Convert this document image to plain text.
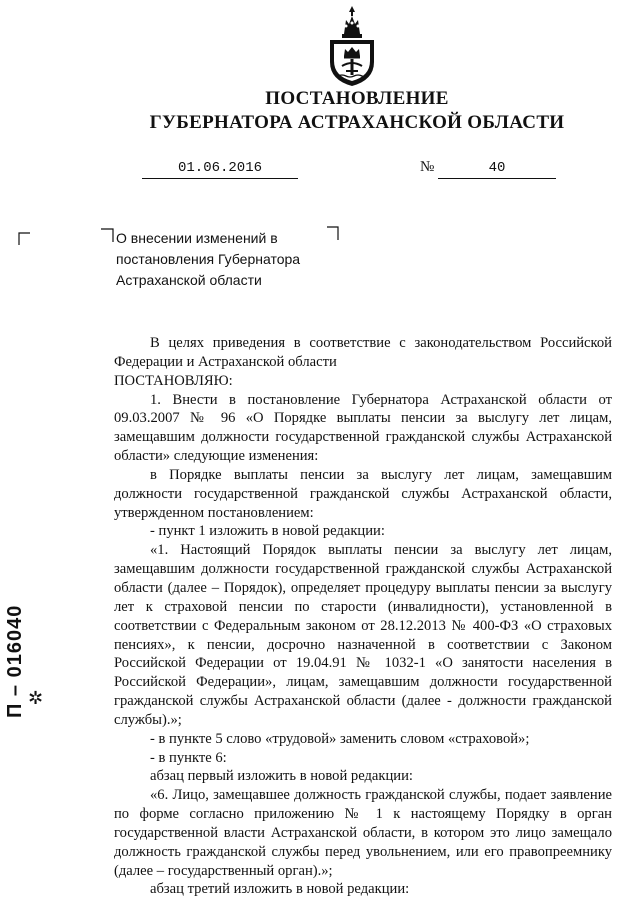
ПОСТАНОВЛЕНИЕ
ГУБЕРНАТОРА АСТРАХАНСКОЙ ОБЛАСТИ
01.06.2016	№	40
О внесении изменений в постановления Губернатора Астраханской области

В целях приведения в соответствие с законодательством Российской Федерации и Астраханской области

ПОСТАНОВЛЯЮ:

1. Внести в постановление Губернатора Астраханской области от 09.03.2007 № 96 «О Порядке выплаты пенсии за выслугу лет лицам, замещавшим должности государственной гражданской службы Астраханской области» следующие изменения:

в Порядке выплаты пенсии за выслугу лет лицам, замещавшим должности государственной гражданской службы Астраханской области, утвержденном постановлением:

- пункт 1 изложить в новой редакции:

«1. Настоящий Порядок выплаты пенсии за выслугу лет лицам, замещавшим должности государственной гражданской службы Астраханской области (далее – Порядок), определяет процедуру выплаты пенсии за выслугу лет к страховой пенсии по старости (инвалидности), установленной в соответствии с Федеральным законом от 28.12.2013 № 400-ФЗ «О страховых пенсиях», к пенсии, досрочно назначенной в соответствии с Законом Российской Федерации от 19.04.91 № 1032-1 «О занятости населения в Российской Федерации», лицам, замещавшим должности государственной гражданской службы Астраханской области (далее - должности гражданской службы).»;

- в пункте 5 слово «трудовой» заменить словом «страховой»;

- в пункте 6:

абзац первый изложить в новой редакции:

«6. Лицо, замещавшее должность гражданской службы, подает заявление по форме согласно приложению № 1 к настоящему Порядку в орган государственной власти Астраханской области, в котором это лицо замещало должность гражданской службы перед увольнением, или его правопреемнику (далее – государственный орган).»;

абзац третий изложить в новой редакции:

✲
П – 016040
